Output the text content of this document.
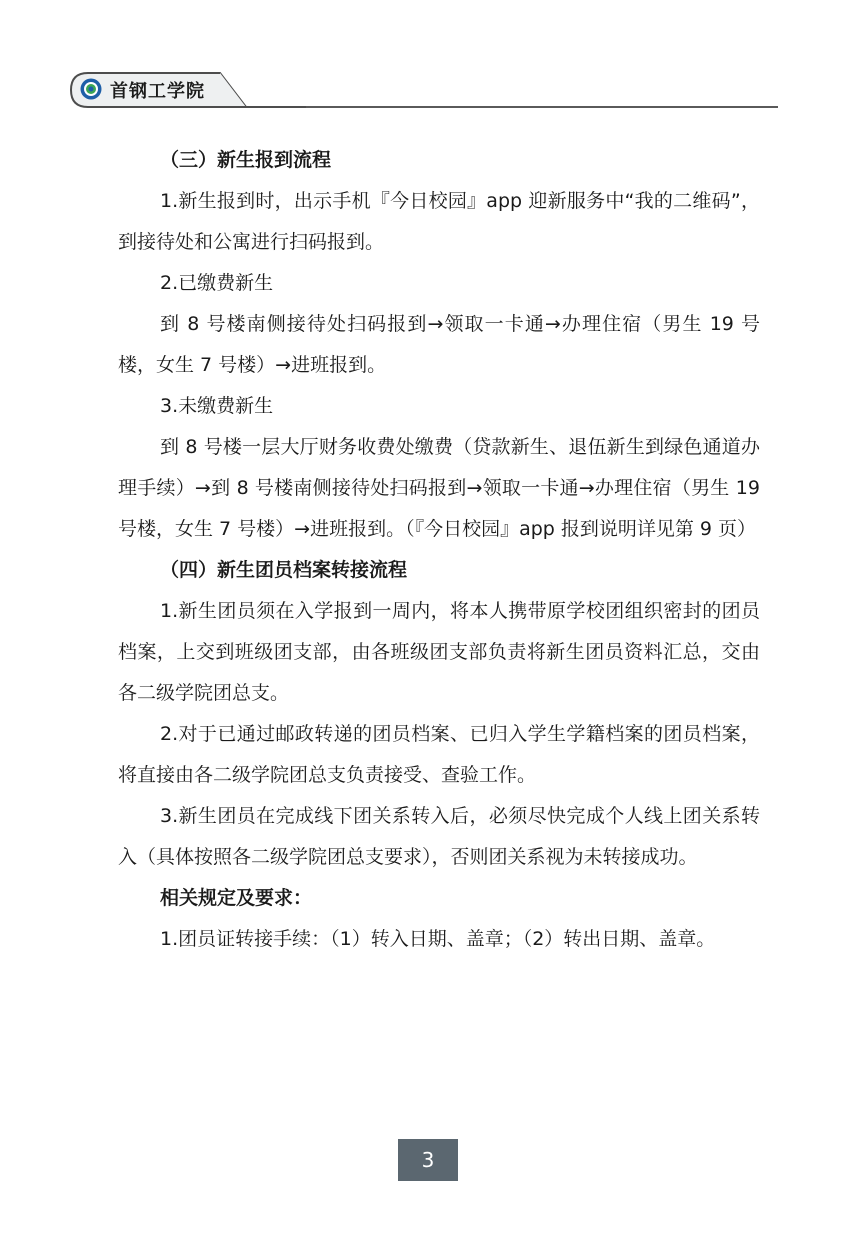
首钢工学院

（三）新生报到流程

1.新生报到时，出示手机『今日校园』app 迎新服务中“我的二维码”，到接待处和公寓进行扫码报到。

2.已缴费新生

到 8 号楼南侧接待处扫码报到→领取一卡通→办理住宿（男生 19 号楼，女生 7 号楼）→进班报到。

3.未缴费新生

到 8 号楼一层大厅财务收费处缴费（贷款新生、退伍新生到绿色通道办理手续）→到 8 号楼南侧接待处扫码报到→领取一卡通→办理住宿（男生 19 号楼，女生 7 号楼）→进班报到。（『今日校园』app 报到说明详见第 9 页）

（四）新生团员档案转接流程

1.新生团员须在入学报到一周内，将本人携带原学校团组织密封的团员档案，上交到班级团支部，由各班级团支部负责将新生团员资料汇总，交由各二级学院团总支。

2.对于已通过邮政转递的团员档案、已归入学生学籍档案的团员档案，将直接由各二级学院团总支负责接受、查验工作。

3.新生团员在完成线下团关系转入后，必须尽快完成个人线上团关系转入（具体按照各二级学院团总支要求），否则团关系视为未转接成功。

相关规定及要求：

1.团员证转接手续：（1）转入日期、盖章；（2）转出日期、盖章。

3
